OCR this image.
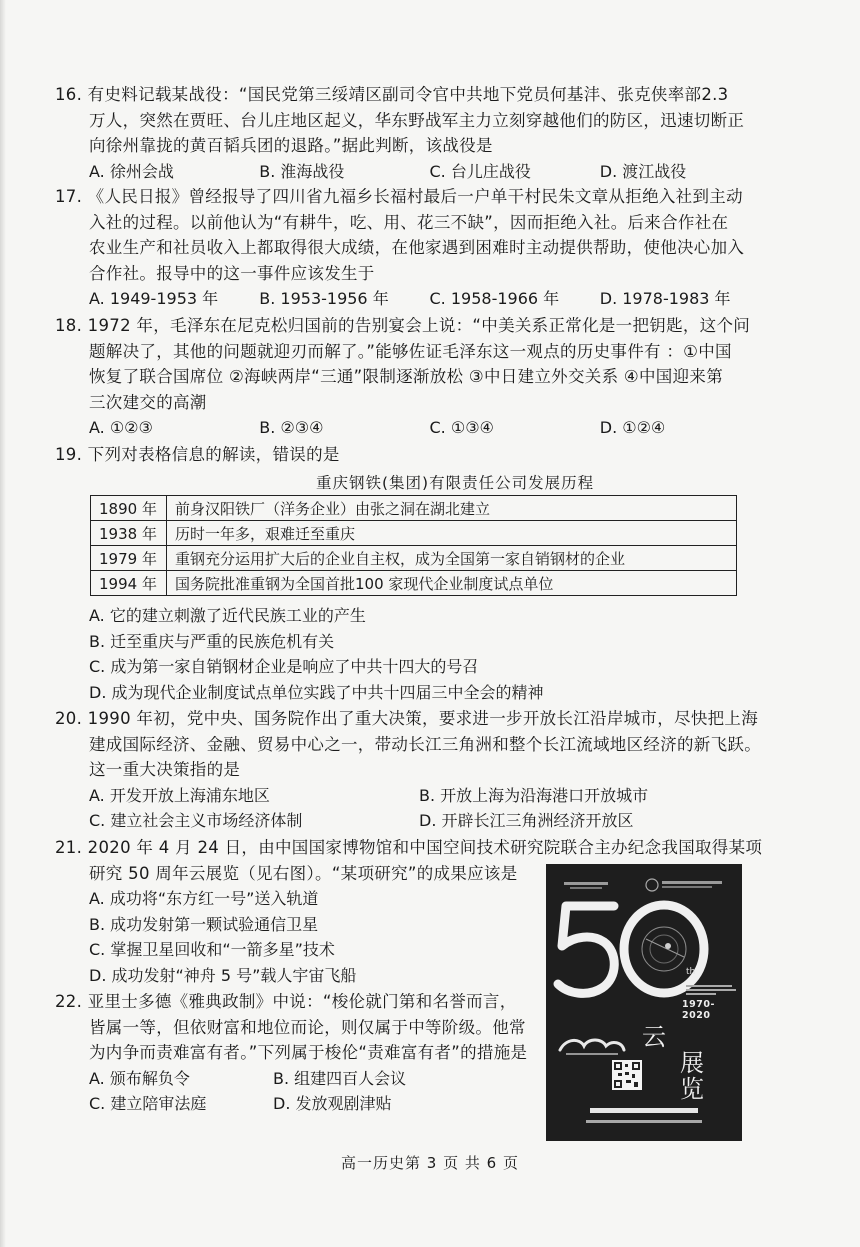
16. 有史料记载某战役：“国民党第三绥靖区副司令官中共地下党员何基沣、张克侠率部2.3
万人，突然在贾旺、台儿庄地区起义，华东野战军主力立刻穿越他们的防区，迅速切断正
向徐州靠拢的黄百韬兵团的退路。”据此判断，该战役是
A. 徐州会战	B. 淮海战役	C. 台儿庄战役	D. 渡江战役
17. 《人民日报》曾经报导了四川省九福乡长福村最后一户单干村民朱文章从拒绝入社到主动
入社的过程。以前他认为“有耕牛，吃、用、花三不缺”，因而拒绝入社。后来合作社在
农业生产和社员收入上都取得很大成绩，在他家遇到困难时主动提供帮助，使他决心加入
合作社。报导中的这一事件应该发生于
A. 1949-1953 年	B. 1953-1956 年	C. 1958-1966 年	D. 1978-1983 年
18. 1972 年，毛泽东在尼克松归国前的告别宴会上说：“中美关系正常化是一把钥匙，这个问
题解决了，其他的问题就迎刃而解了。”能够佐证毛泽东这一观点的历史事件有 ：①中国
恢复了联合国席位 ②海峡两岸“三通”限制逐渐放松 ③中日建立外交关系 ④中国迎来第
三次建交的高潮
A. ①②③	B. ②③④	C. ①③④	D. ①②④
19. 下列对表格信息的解读，错误的是
重庆钢铁(集团)有限责任公司发展历程
1890 年	前身汉阳铁厂（洋务企业）由张之洞在湖北建立
1938 年	历时一年多，艰难迁至重庆
1979 年	重钢充分运用扩大后的企业自主权，成为全国第一家自销钢材的企业
1994 年	国务院批准重钢为全国首批100 家现代企业制度试点单位
A. 它的建立刺激了近代民族工业的产生
B. 迁至重庆与严重的民族危机有关
C. 成为第一家自销钢材企业是响应了中共十四大的号召
D. 成为现代企业制度试点单位实践了中共十四届三中全会的精神
20. 1990 年初，党中央、国务院作出了重大决策，要求进一步开放长江沿岸城市，尽快把上海
建成国际经济、金融、贸易中心之一，带动长江三角洲和整个长江流域地区经济的新飞跃。
这一重大决策指的是
A. 开发开放上海浦东地区	B. 开放上海为沿海港口开放城市
C. 建立社会主义市场经济体制	D. 开辟长江三角洲经济开放区
21. 2020 年 4 月 24 日，由中国国家博物馆和中国空间技术研究院联合主办纪念我国取得某项
研究 50 周年云展览（见右图）。“某项研究”的成果应该是
A. 成功将“东方红一号”送入轨道
B. 成功发射第一颗试验通信卫星
C. 掌握卫星回收和“一箭多星”技术
D. 成功发射“神舟 5 号”载人宇宙飞船
22. 亚里士多德《雅典政制》中说：“梭伦就门第和名誉而言，
皆属一等，但依财富和地位而论，则仅属于中等阶级。他常
为内争而责难富有者。”下列属于梭伦“责难富有者”的措施是
A. 颁布解负令	B. 组建四百人会议
C. 建立陪审法庭	D. 发放观剧津贴
th
1970-2020
云
展
览
高一历史第 3 页 共 6 页
